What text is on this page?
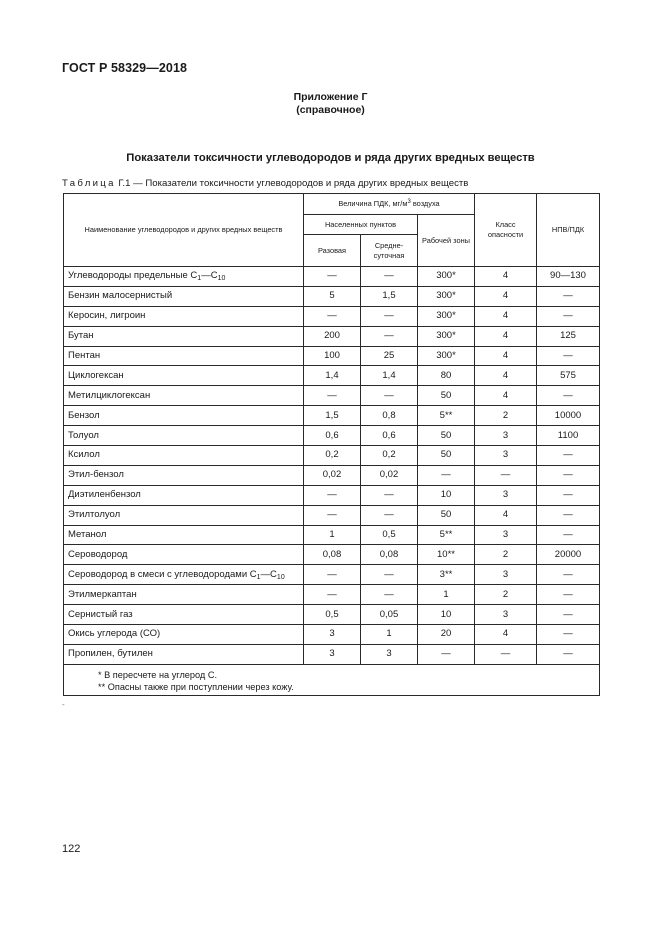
ГОСТ Р 58329—2018
Приложение Г
(справочное)
Показатели токсичности углеводородов и ряда других вредных веществ
Таблица Г.1 — Показатели токсичности углеводородов и ряда других вредных веществ
Наименование углеводородов и других вредных веществ	Величина ПДК, $мг/м^3$ воздуха			Класс опасности	НПВ/ПДК
	Населенных пунктов		Рабочей зоны		
	Разовая	Средне-суточная			
Углеводороды предельные $С_1—С_{10}$	—	—	300*	4	90—130
Бензин малосернистый	5	1,5	300*	4	—
Керосин, лигроин	—	—	300*	4	—
Бутан	200	—	300*	4	125
Пентан	100	25	300*	4	—
Циклогексан	1,4	1,4	80	4	575
Метилциклогексан	—	—	50	4	—
Бензол	1,5	0,8	5**	2	10000
Толуол	0,6	0,6	50	3	1100
Ксилол	0,2	0,2	50	3	—
Этил-бензол	0,02	0,02	—	—	—
Диэтиленбензол	—	—	10	3	—
Этилтолуол	—	—	50	4	—
Метанол	1	0,5	5**	3	—
Сероводород	0,08	0,08	10**	2	20000
Сероводород в смеси с углеводородами $С_1—С_{10}$	—	—	3**	3	—
Этилмеркаптан	—	—	1	2	—
Сернистый газ	0,5	0,05	10	3	—
Окись углерода (СО)	3	1	20	4	—
Пропилен, бутилен	3	3	—	—	—

* В пересчете на углерод С.
** Опасны также при поступлении через кожу.					
-
122
